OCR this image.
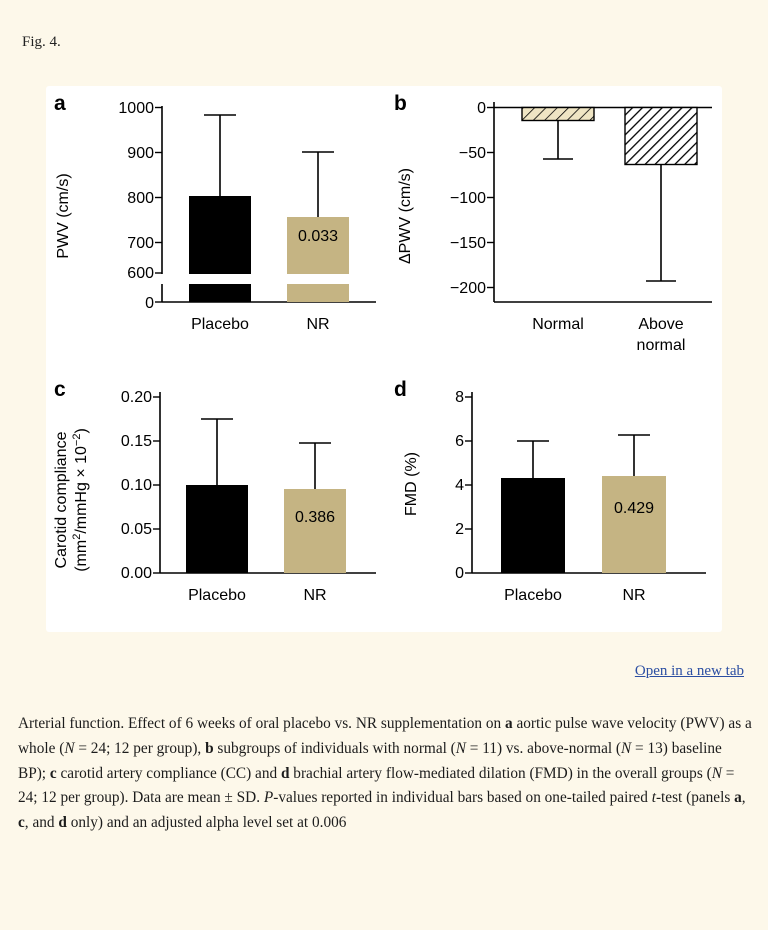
Fig. 4.
PWV (cm/s)
1000
900
800
700
600
0
0.033
Placebo	NR
a
ΔPWV (cm/s)
0
−50
−100
−150
−200
Normal	Above
normal
b
Carotid compliance ($mm^2$/mmHg × $10^{-2}$)
0.20
0.15
0.10
0.05
0.00
0.386
Placebo	NR
c
FMD (%)
8
6
4
2
0
0.429
Placebo	NR
d
Open in a new tab
Arterial function. Effect of 6 weeks of oral placebo vs. NR supplementation on a aortic pulse wave velocity (PWV) as a whole (N = 24; 12 per group), b subgroups of individuals with normal (N = 11) vs. above-normal (N = 13) baseline BP); c carotid artery compliance (CC) and d brachial artery flow-mediated dilation (FMD) in the overall groups (N = 24; 12 per group). Data are mean ± SD. P-values reported in individual bars based on one-tailed paired t-test (panels a, c, and d only) and an adjusted alpha level set at 0.006
